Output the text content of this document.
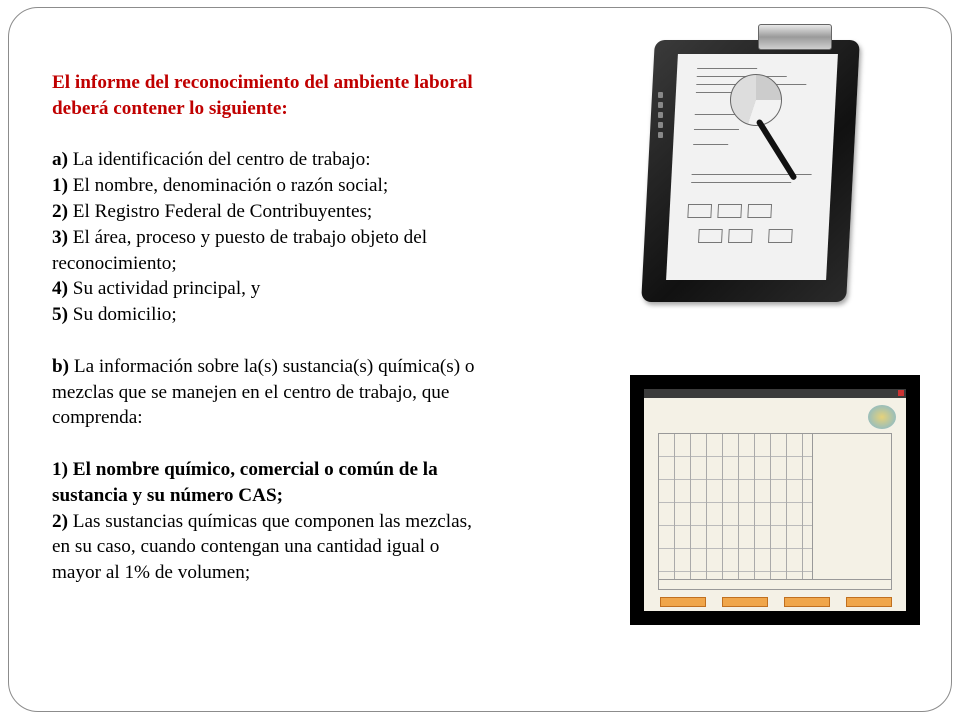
El informe del reconocimiento del ambiente laboral
deberá contener lo siguiente:
a) La identificación del centro de trabajo:
1) El nombre, denominación o razón social;
2) El Registro Federal de Contribuyentes;
3) El área, proceso y puesto de trabajo objeto del
reconocimiento;
4) Su actividad principal, y
5) Su domicilio;
b) La información sobre la(s) sustancia(s) química(s) o
mezclas que se manejen en el centro de trabajo, que
comprenda:
1) El nombre químico, comercial o común de la
sustancia y su número CAS;
2) Las sustancias químicas que componen las mezclas,
en su caso, cuando contengan una cantidad igual o
mayor al 1% de volumen;
